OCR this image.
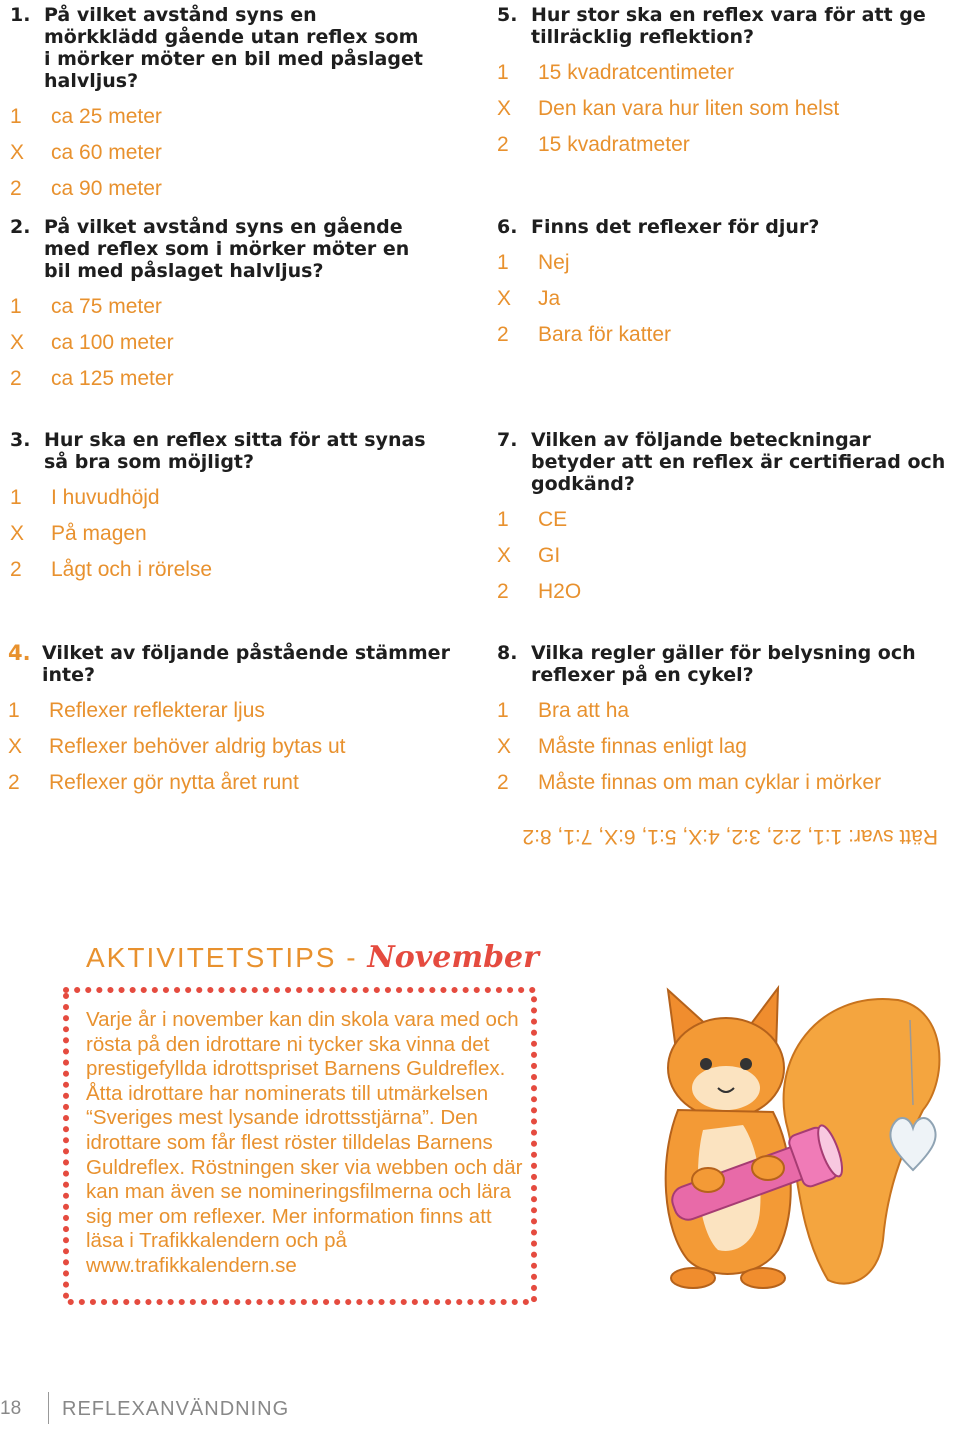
1. På vilket avstånd syns en mörkklädd gående utan reflex som i mörker möter en bil med påslaget halvljus?
1	ca 25 meter
X	ca 60 meter
2	ca 90 meter
2. På vilket avstånd syns en gående med reflex som i mörker möter en bil med påslaget halvljus?
1	ca 75 meter
X	ca 100 meter
2	ca 125 meter
3. Hur ska en reflex sitta för att synas så bra som möjligt?
1	I huvudhöjd
X	På magen
2	Lågt och i rörelse
4. Vilket av följande påstående stämmer inte?
1	Reflexer reflekterar ljus
X	Reflexer behöver aldrig bytas ut
2	Reflexer gör nytta året runt
5. Hur stor ska en reflex vara för att ge tillräcklig reflektion?
1	15 kvadratcentimeter
X	Den kan vara hur liten som helst
2	15 kvadratmeter
6. Finns det reflexer för djur?
1	Nej
X	Ja
2	Bara för katter
7. Vilken av följande beteckningar betyder att en reflex är certifierad och godkänd?
1	CE
X	GI
2	H2O
8. Vilka regler gäller för belysning och reflexer på en cykel?
1	Bra att ha
X	Måste finnas enligt lag
2	Måste finnas om man cyklar i mörker
Rätt svar: 1:1, 2:2, 3:2, 4:X, 5:1, 6:X, 7:1, 8:2
AKTIVITETSTIPS - November
Varje år i november kan din skola vara med och rösta på den idrottare ni tycker ska vinna det prestigefyllda idrottspriset Barnens Guldreflex. Åtta idrottare har nominerats till utmärkelsen “Sveriges mest lysande idrottsstjärna”. Den idrottare som får flest röster tilldelas Barnens Guldreflex. Röstningen sker via webben och där kan man även se nomineringsfilmerna och lära sig mer om reflexer. Mer information finns att läsa i Trafikkalendern och på www.trafikkalendern.se
18 REFLEXANVÄNDNING
